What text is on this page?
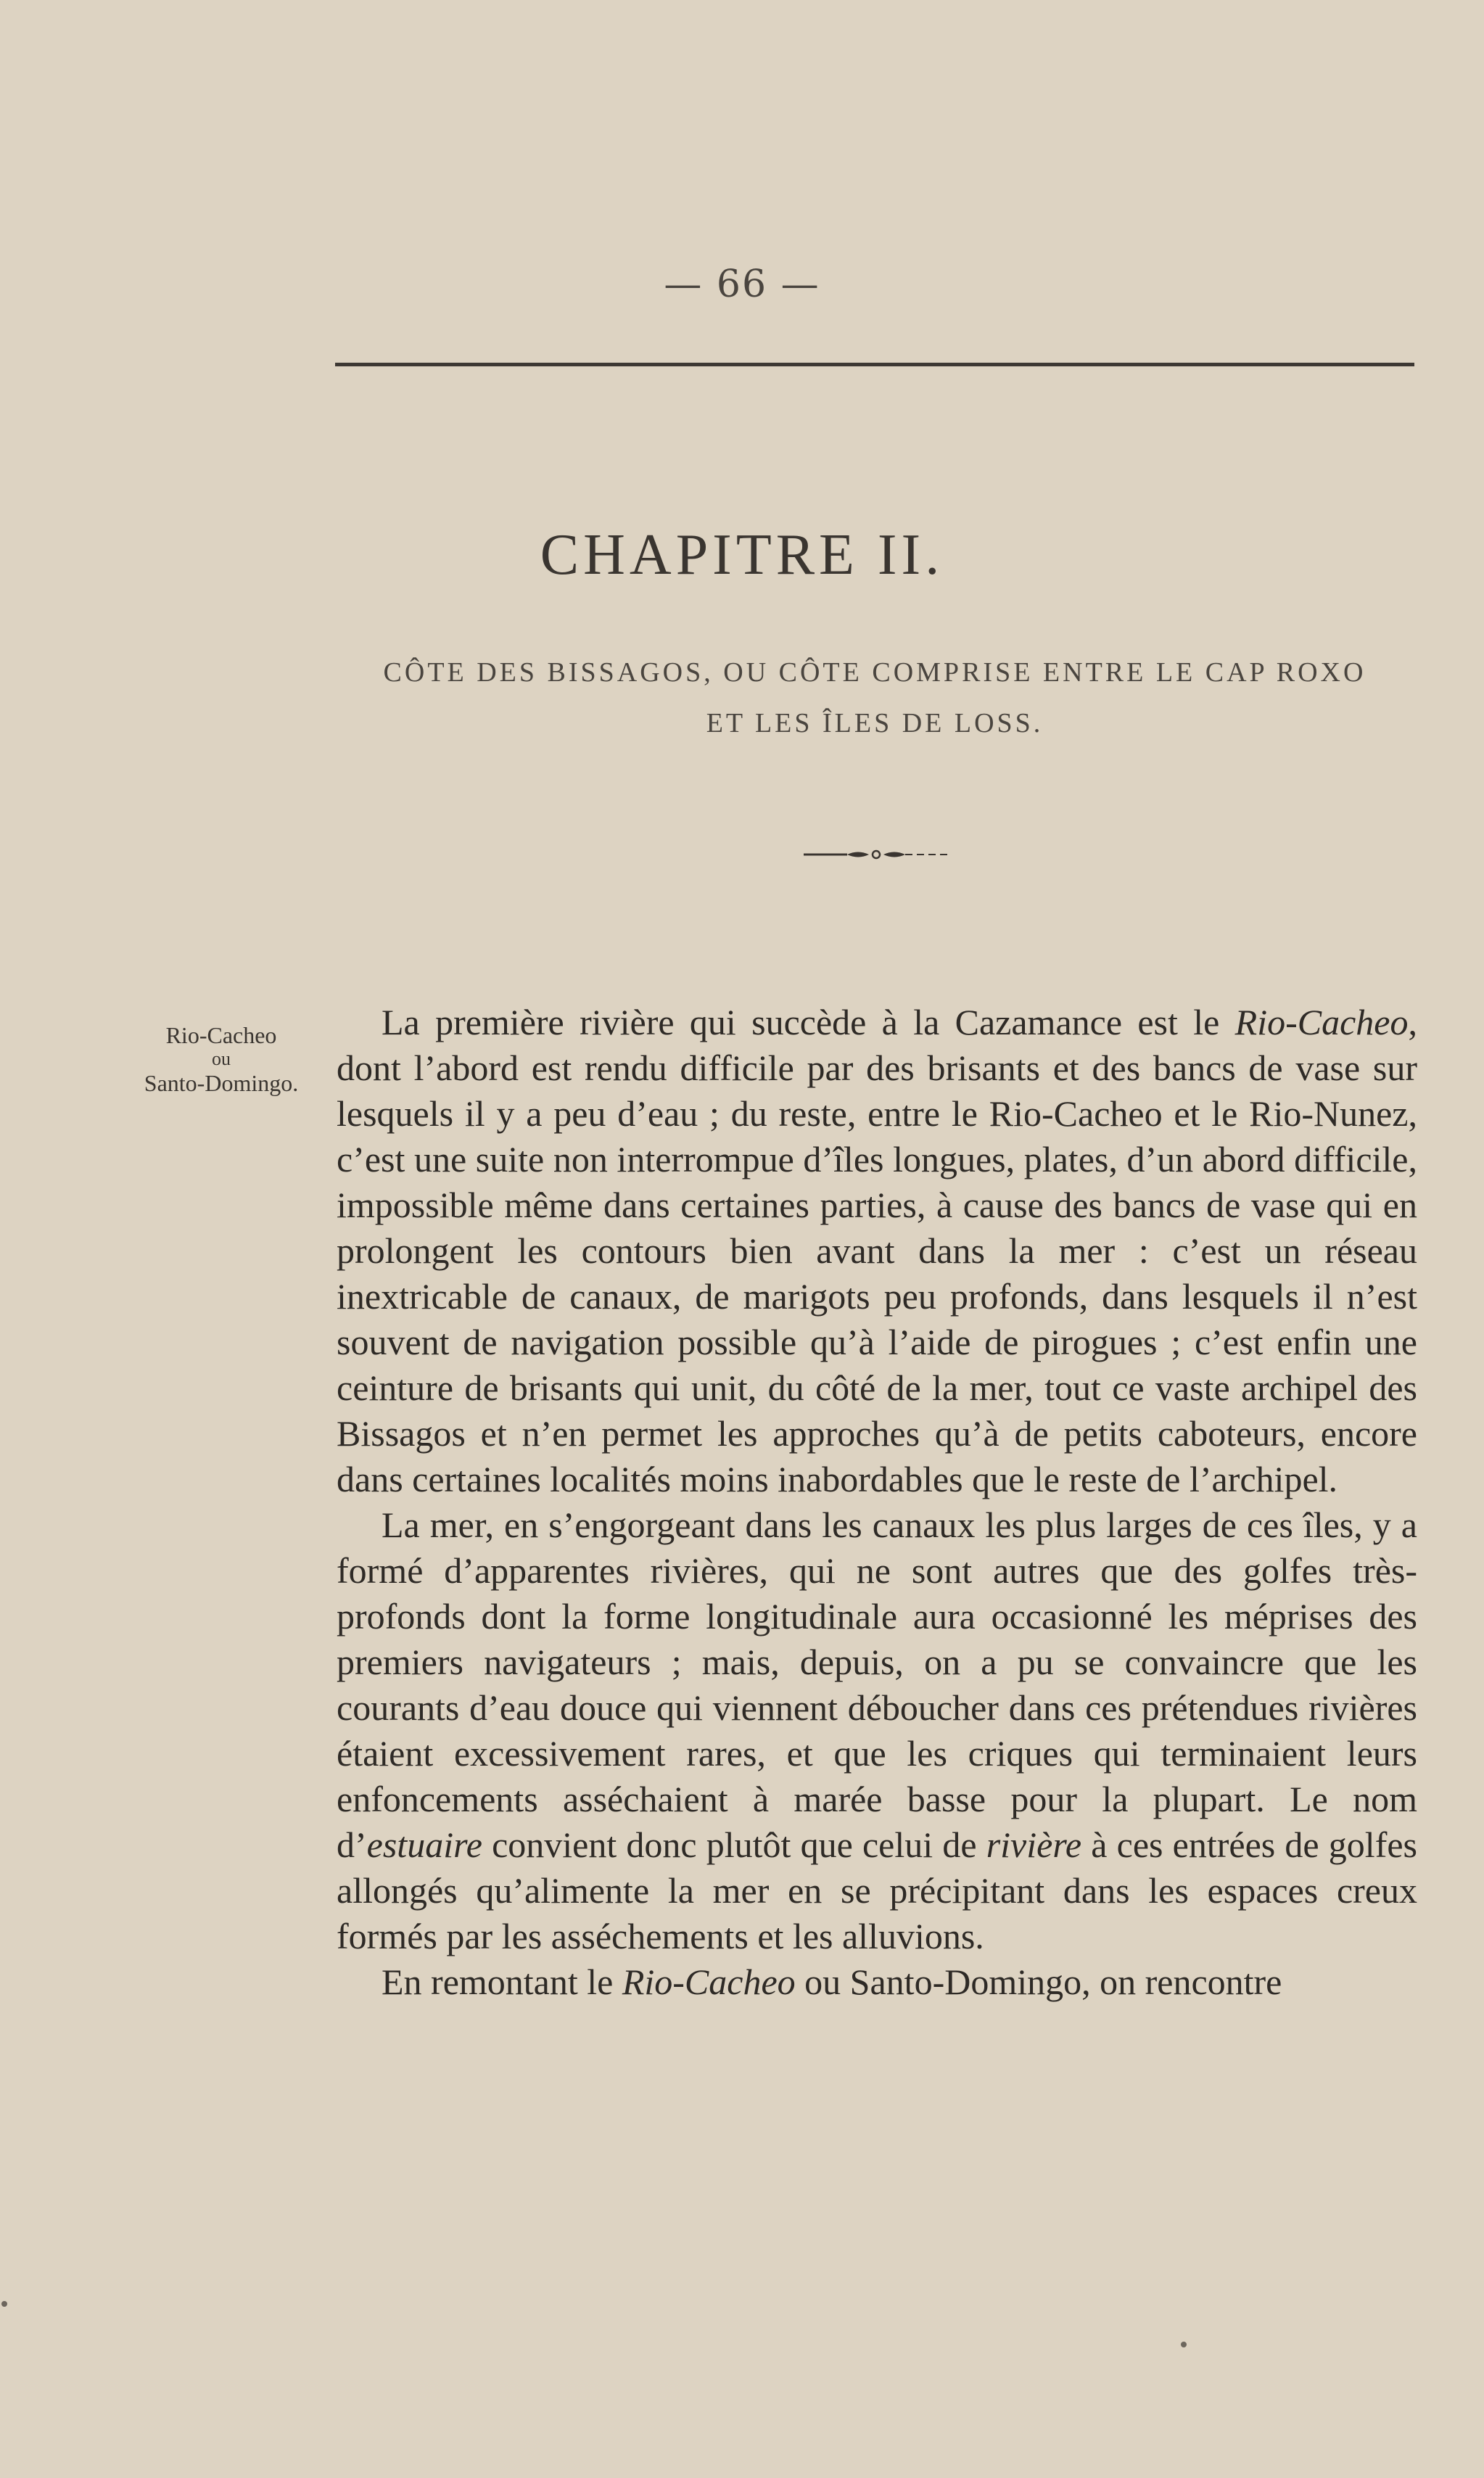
— 66 —
CHAPITRE II.
CÔTE DES BISSAGOS, OU CÔTE COMPRISE ENTRE LE CAP ROXO
ET LES ÎLES DE LOSS.
Rio-Cacheo
ou
Santo-Domingo.

La première rivière qui succède à la Cazamance est le Rio-Cacheo, dont l’abord est rendu difficile par des brisants et des bancs de vase sur lesquels il y a peu d’eau ; du reste, entre le Rio-Cacheo et le Rio-Nunez, c’est une suite non interrompue d’îles longues, plates, d’un abord difficile, impossible même dans certaines parties, à cause des bancs de vase qui en prolongent les contours bien avant dans la mer : c’est un réseau inextricable de canaux, de marigots peu profonds, dans lesquels il n’est souvent de navigation possible qu’à l’aide de pirogues ; c’est enfin une ceinture de brisants qui unit, du côté de la mer, tout ce vaste archipel des Bissagos et n’en permet les approches qu’à de petits caboteurs, encore dans certaines localités moins inabordables que le reste de l’archipel.

La mer, en s’engorgeant dans les canaux les plus larges de ces îles, y a formé d’apparentes rivières, qui ne sont autres que des golfes très-profonds dont la forme longitudinale aura occasionné les méprises des premiers navigateurs ; mais, depuis, on a pu se convaincre que les courants d’eau douce qui viennent déboucher dans ces prétendues rivières étaient excessivement rares, et que les criques qui terminaient leurs enfoncements asséchaient à marée basse pour la plupart. Le nom d’estuaire convient donc plutôt que celui de rivière à ces entrées de golfes allongés qu’alimente la mer en se précipitant dans les espaces creux formés par les asséchements et les alluvions.

En remontant le Rio-Cacheo ou Santo-Domingo, on rencontre
